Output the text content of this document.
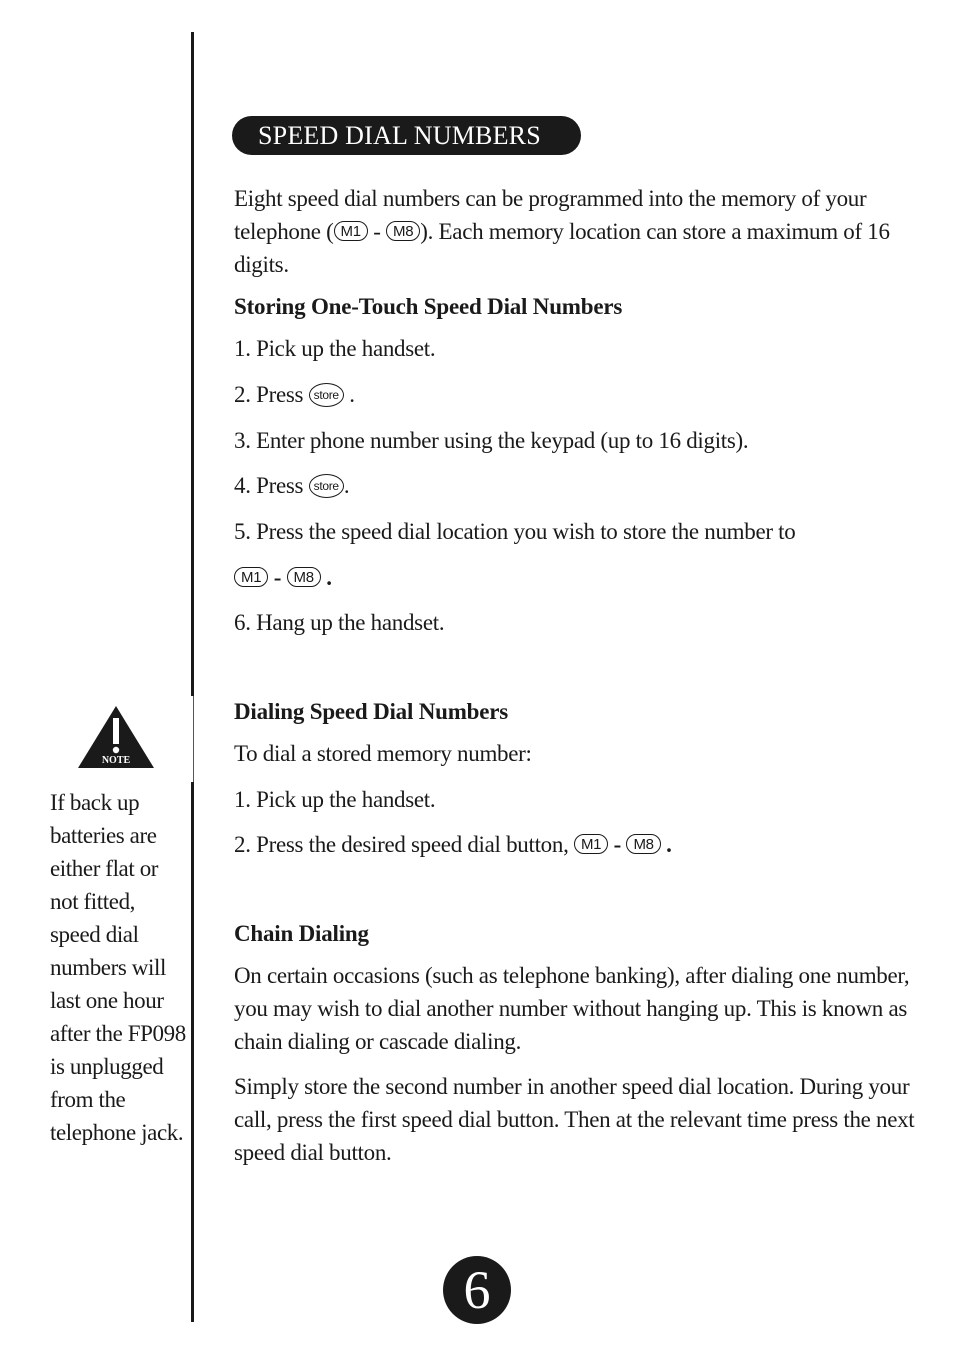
SPEED DIAL NUMBERS
Eight speed dial numbers can be programmed into the memory of your telephone ( M1 - M8 ). Each memory location can store a maximum of 16 digits.
Storing One-Touch Speed Dial Numbers
1. Pick up the handset.
2. Press store .
3. Enter phone number using the keypad (up to 16 digits).
4. Press store .
5. Press the speed dial location you wish to store the number to
M1 - M8 .
6. Hang up the handset.
Dialing Speed Dial Numbers
To dial a stored memory number:
1. Pick up the handset.
2. Press the desired speed dial button, M1 - M8 .
Chain Dialing
On certain occasions (such as telephone banking), after dialing one number, you may wish to dial another number without hanging up. This is known as chain dialing or cascade dialing.
Simply store the second number in another speed dial location. During your call, press the first speed dial button. Then at the relevant time press the next speed dial button.
NOTE
If back up batteries are either flat or not fitted, speed dial numbers will last one hour after the FP098 is unplugged from the telephone jack.
6
